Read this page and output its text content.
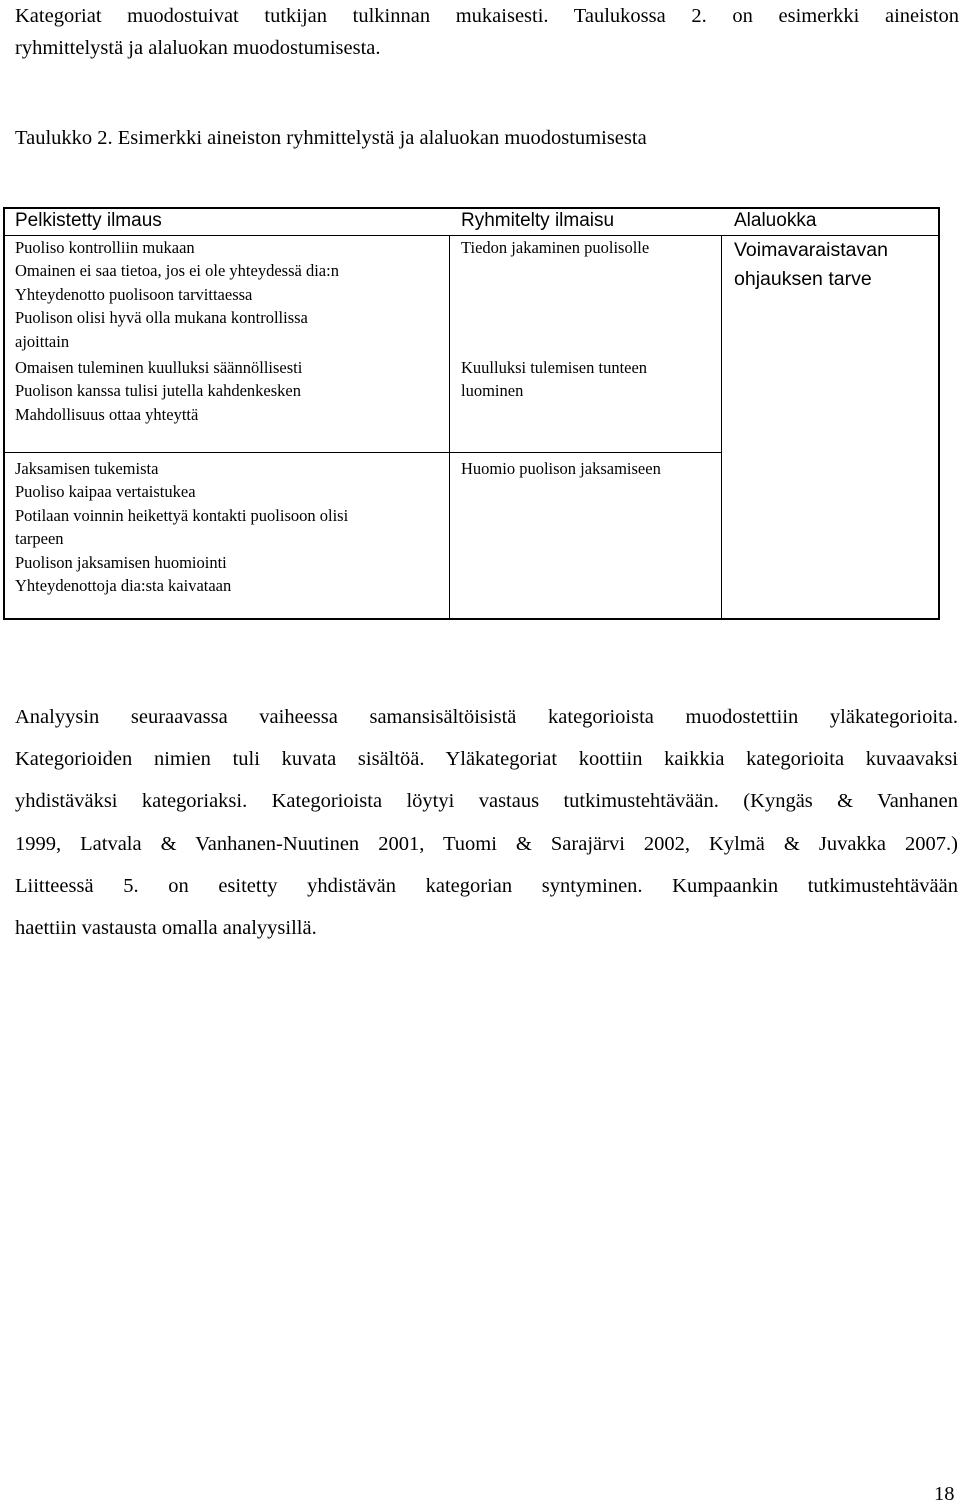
Kategoriat muodostuivat tutkijan tulkinnan mukaisesti. Taulukossa 2. on esimerkki aineiston
ryhmittelystä ja alaluokan muodostumisesta.
Taulukko 2. Esimerkki aineiston ryhmittelystä ja alaluokan muodostumisesta
Pelkistetty ilmaus	Ryhmitelty ilmaisu	Alaluokka
Puoliso kontrolliin mukaan
Omainen ei saa tietoa, jos ei ole yhteydessä dia:n
Yhteydenotto puolisoon tarvittaessa
Puolison olisi hyvä olla mukana kontrollissa
ajoittain
Tiedon jakaminen puolisolle
Omaisen tuleminen kuulluksi säännöllisesti
Puolison kanssa tulisi jutella kahdenkesken
Mahdollisuus ottaa yhteyttä
Kuulluksi tulemisen tunteen
luominen
Jaksamisen tukemista
Puoliso kaipaa vertaistukea
Potilaan voinnin heikettyä kontakti puolisoon olisi
tarpeen
Puolison jaksamisen huomiointi
Yhteydenottoja dia:sta kaivataan
Huomio puolison jaksamiseen
Voimavaraistavan
ohjauksen tarve
Analyysin seuraavassa vaiheessa samansisältöisistä kategorioista muodostettiin yläkategorioita.
Kategorioiden nimien tuli kuvata sisältöä. Yläkategoriat koottiin kaikkia kategorioita kuvaavaksi
yhdistäväksi kategoriaksi. Kategorioista löytyi vastaus tutkimustehtävään. (Kyngäs & Vanhanen
1999, Latvala & Vanhanen-Nuutinen 2001, Tuomi & Sarajärvi 2002, Kylmä & Juvakka 2007.)
Liitteessä 5. on esitetty yhdistävän kategorian syntyminen. Kumpaankin tutkimustehtävään
haettiin vastausta omalla analyysillä.
18
